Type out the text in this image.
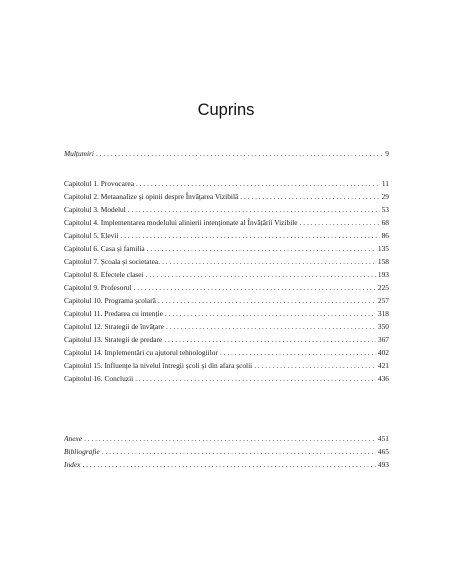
Cuprins
Mulțumiri . . .	9
Capitolul 1. Provocarea . . .	11
Capitolul 2. Metaanalize și opinii despre Învățarea Vizibilă . . .	29
Capitolul 3. Modelul . . .	53
Capitolul 4. Implementarea modelului alinierii intenționate al Învățării Vizibile . . .	68
Capitolul 5. Elevii . . .	86
Capitolul 6. Casa și familia . . .	135
Capitolul 7. Școala și societatea. . . .	158
Capitolul 8. Efectele clasei . . .	193
Capitolul 9. Profesorul . . .	225
Capitolul 10. Programa școlară . . .	257
Capitolul 11. Predarea cu intenție . . .	318
Capitolul 12. Strategii de învățare . . .	350
Capitolul 13. Strategii de predare . . .	367
Capitolul 14. Implementări cu ajutorul tehnologiilor . . .	402
Capitolul 15. Influențe la nivelul întregii școli și din afara școlii . . .	421
Capitolul 16. Concluzii . . .	436
Anexe . . .	451
Bibliografie . . .	465
Index . . .	493
